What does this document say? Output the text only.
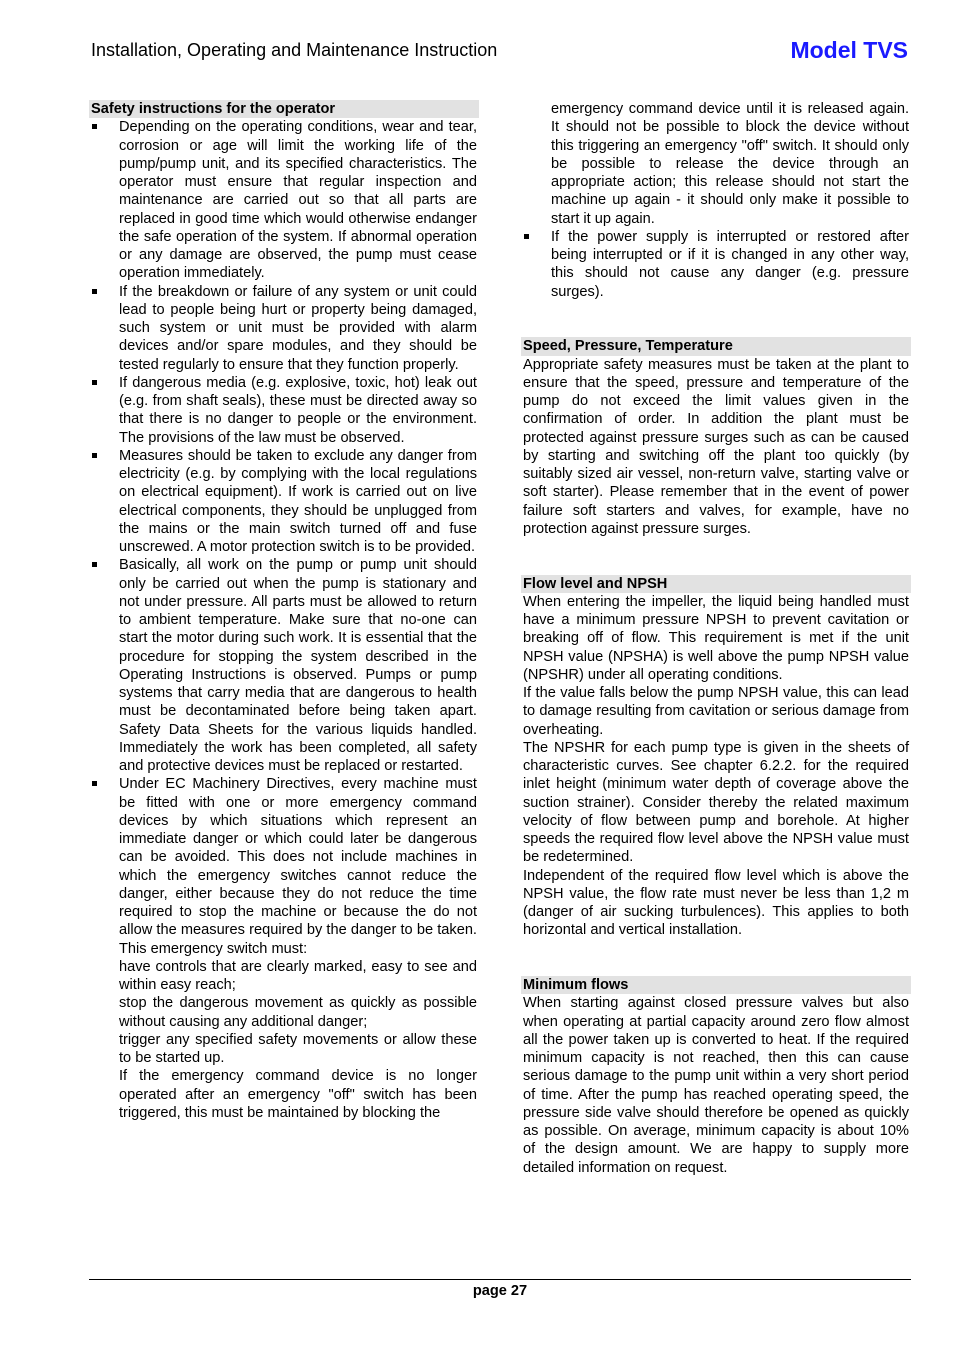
Installation, Operating and Maintenance Instruction	Model TVS
Safety instructions for the operator
Depending on the operating conditions, wear and tear, corrosion or age will limit the working life of the pump/pump unit, and its specified characteristics. The operator must ensure that regular inspection and maintenance are carried out so that all parts are replaced in good time which would otherwise endanger the safe operation of the system. If abnormal operation or any damage are observed, the pump must cease operation immediately.
If the breakdown or failure of any system or unit could lead to people being hurt or property being damaged, such system or unit must be provided with alarm devices and/or spare modules, and they should be tested regularly to ensure that they function properly.
If dangerous media (e.g. explosive, toxic, hot) leak out (e.g. from shaft seals), these must be directed away so that there is no danger to people or the environment. The provisions of the law must be observed.
Measures should be taken to exclude any danger from electricity (e.g. by complying with the local regulations on electrical equipment). If work is carried out on live electrical components, they should be unplugged from the mains or the main switch turned off and fuse unscrewed. A motor protection switch is to be provided.
Basically, all work on the pump or pump unit should only be carried out when the pump is stationary and not under pressure. All parts must be allowed to return to ambient temperature. Make sure that no-one can start the motor during such work. It is essential that the procedure for stopping the system described in the Operating Instructions is observed. Pumps or pump systems that carry media that are dangerous to health must be decontaminated before being taken apart. Safety Data Sheets for the various liquids handled. Immediately the work has been completed, all safety and protective devices must be replaced or restarted.
Under EC Machinery Directives, every machine must be fitted with one or more emergency command devices by which situations which represent an immediate danger or which could later be dangerous can be avoided. This does not include machines in which the emergency switches cannot reduce the danger, either because they do not reduce the time required to stop the machine or because the do not allow the measures required by the danger to be taken. This emergency switch must:
have controls that are clearly marked, easy to see and within easy reach;
stop the dangerous movement as quickly as possible without causing any additional danger;
trigger any specified safety movements or allow these to be started up.
If the emergency command device is no longer operated after an emergency "off" switch has been triggered, this must be maintained by blocking the
emergency command device until it is released again. It should not be possible to block the device without this triggering an emergency "off" switch. It should only be possible to release the device through an appropriate action; this release should not start the machine up again - it should only make it possible to start it up again.
If the power supply is interrupted or restored after being interrupted or if it is changed in any other way, this should not cause any danger (e.g. pressure surges).
Speed, Pressure, Temperature
Appropriate safety measures must be taken at the plant to ensure that the speed, pressure and temperature of the pump do not exceed the limit values given in the confirmation of order. In addition the plant must be protected against pressure surges such as can be caused by starting and switching off the plant too quickly (by suitably sized air vessel, non-return valve, starting valve or soft starter). Please remember that in the event of power failure soft starters and valves, for example, have no protection against pressure surges.
Flow level and NPSH
When entering the impeller, the liquid being handled must have a minimum pressure NPSH to prevent cavitation or breaking off of flow. This requirement is met if the unit NPSH value (NPSHA) is well above the pump NPSH value (NPSHR) under all operating conditions.
If the value falls below the pump NPSH value, this can lead to damage resulting from cavitation or serious damage from overheating.
The NPSHR for each pump type is given in the sheets of characteristic curves. See chapter 6.2.2. for the required inlet height (minimum water depth of coverage above the suction strainer). Consider thereby the related maximum velocity of flow between pump and borehole. At higher speeds the required flow level above the NPSH value must be redetermined.
Independent of the required flow level which is above the NPSH value, the flow rate must never be less than 1,2 m (danger of air sucking turbulences). This applies to both horizontal and vertical installation.
Minimum flows
When starting against closed pressure valves but also when operating at partial capacity around zero flow almost all the power taken up is converted to heat. If the required minimum capacity is not reached, then this can cause serious damage to the pump unit within a very short period of time. After the pump has reached operating speed, the pressure side valve should therefore be opened as quickly as possible. On average, minimum capacity is about 10% of the design amount. We are happy to supply more detailed information on request.
page 27
